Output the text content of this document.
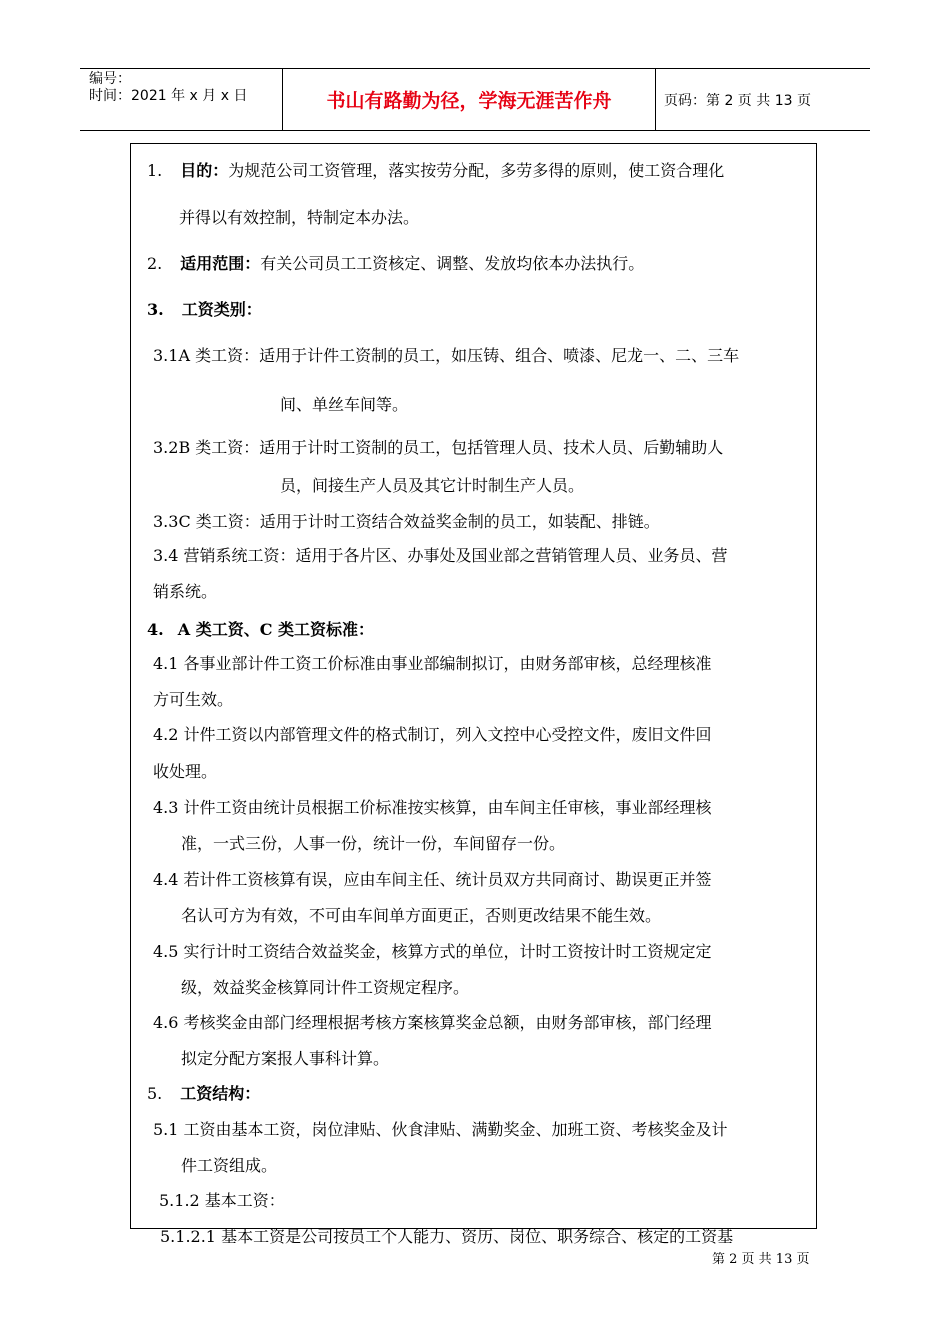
编号：
时间：2021 年 x 月 x 日	书山有路勤为径，学海无涯苦作舟	页码：第 2 页 共 13 页
1. 目的：为规范公司工资管理，落实按劳分配，多劳多得的原则，使工资合理化
并得以有效控制，特制定本办法。
2. 适用范围：有关公司员工工资核定、调整、发放均依本办法执行。
3. 工资类别：
3.1A 类工资：适用于计件工资制的员工，如压铸、组合、喷漆、尼龙一、二、三车
间、单丝车间等。
3.2B 类工资：适用于计时工资制的员工，包括管理人员、技术人员、后勤辅助人
员，间接生产人员及其它计时制生产人员。
3.3C 类工资：适用于计时工资结合效益奖金制的员工，如装配、排链。
3.4 营销系统工资：适用于各片区、办事处及国业部之营销管理人员、业务员、营
销系统。
4. A 类工资、C 类工资标准：
4.1 各事业部计件工资工价标准由事业部编制拟订，由财务部审核，总经理核准
方可生效。
4.2 计件工资以内部管理文件的格式制订，列入文控中心受控文件，废旧文件回
收处理。
4.3 计件工资由统计员根据工价标准按实核算，由车间主任审核，事业部经理核
准，一式三份，人事一份，统计一份，车间留存一份。
4.4 若计件工资核算有误，应由车间主任、统计员双方共同商讨、勘误更正并签
名认可方为有效，不可由车间单方面更正，否则更改结果不能生效。
4.5 实行计时工资结合效益奖金，核算方式的单位，计时工资按计时工资规定定
级，效益奖金核算同计件工资规定程序。
4.6 考核奖金由部门经理根据考核方案核算奖金总额，由财务部审核，部门经理
拟定分配方案报人事科计算。
5. 工资结构：
5.1 工资由基本工资，岗位津贴、伙食津贴、满勤奖金、加班工资、考核奖金及计
件工资组成。
5.1.2 基本工资：
5.1.2.1 基本工资是公司按员工个人能力、资历、岗位、职务综合、核定的工资基
第 2 页 共 13 页
